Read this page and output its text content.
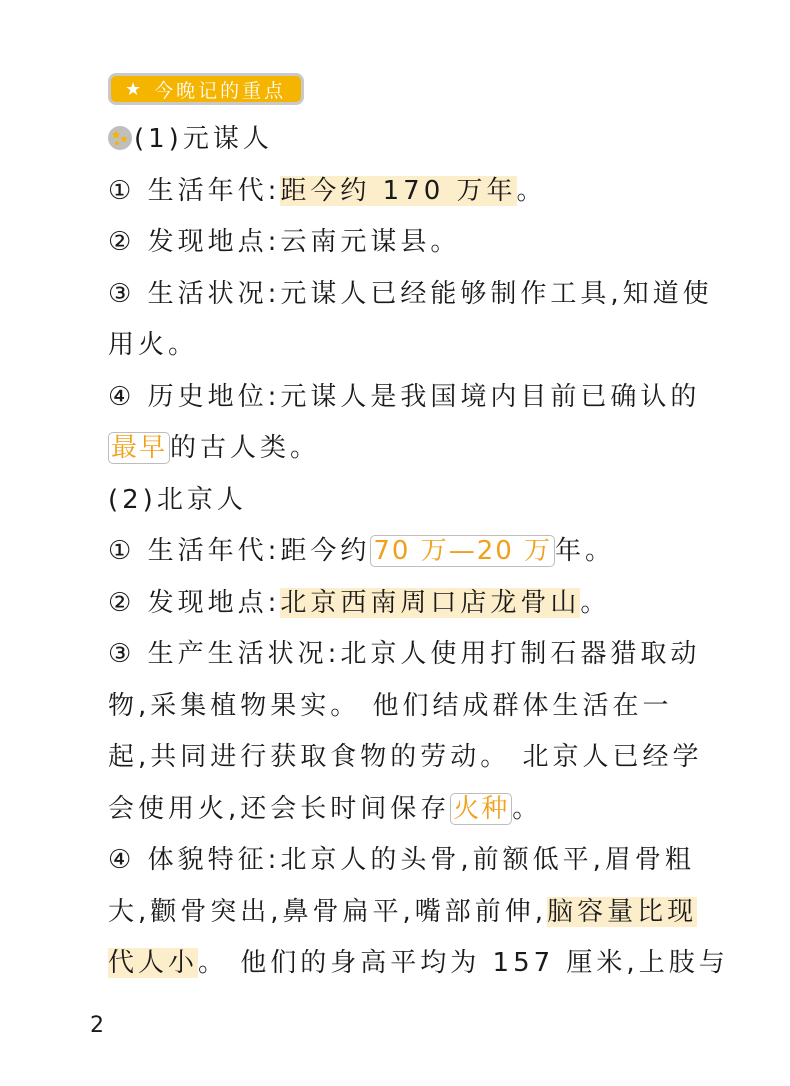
★ 今晚记的重点
(1)元谋人
① 生活年代:距今约 170 万年。
② 发现地点:云南元谋县。
③ 生活状况:元谋人已经能够制作工具,知道使
用火。
④ 历史地位:元谋人是我国境内目前已确认的
最早 的古人类。
(2)北京人
① 生活年代:距今约 70 万—20 万 年。
② 发现地点:北京西南周口店龙骨山。
③ 生产生活状况:北京人使用打制石器猎取动
物,采集植物果实。 他们结成群体生活在一
起,共同进行获取食物的劳动。 北京人已经学
会使用火,还会长时间保存 火种 。
④ 体貌特征:北京人的头骨,前额低平,眉骨粗
大,颧骨突出,鼻骨扁平,嘴部前伸,脑容量比现
代人小。 他们的身高平均为 157 厘米,上肢与
2
